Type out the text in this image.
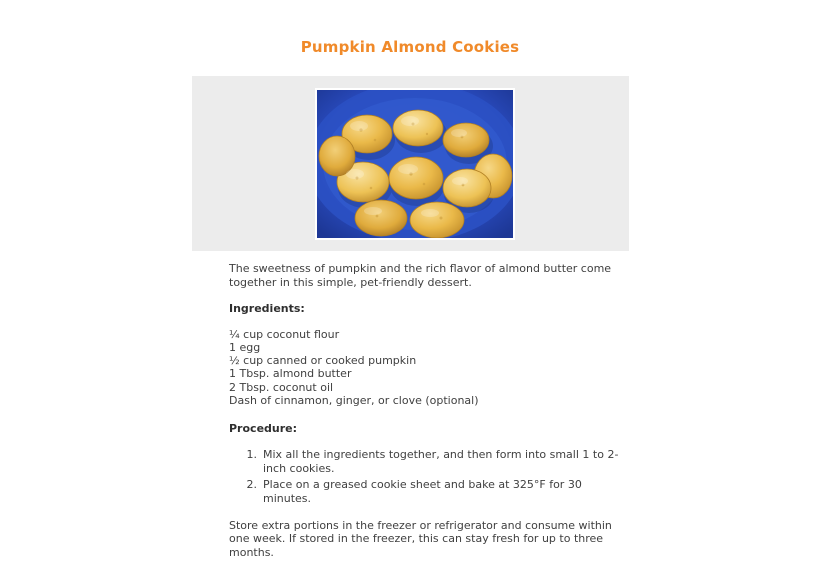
Pumpkin Almond Cookies

The sweetness of pumpkin and the rich flavor of almond butter come together in this simple, pet-friendly dessert.

Ingredients:

¼ cup coconut flour
1 egg
½ cup canned or cooked pumpkin
1 Tbsp. almond butter
2 Tbsp. coconut oil
Dash of cinnamon, ginger, or clove (optional)

Procedure:

Mix all the ingredients together, and then form into small 1 to 2-inch cookies.
Place on a greased cookie sheet and bake at 325°F for 30 minutes.

Store extra portions in the freezer or refrigerator and consume within one week. If stored in the freezer, this can stay fresh for up to three months.
